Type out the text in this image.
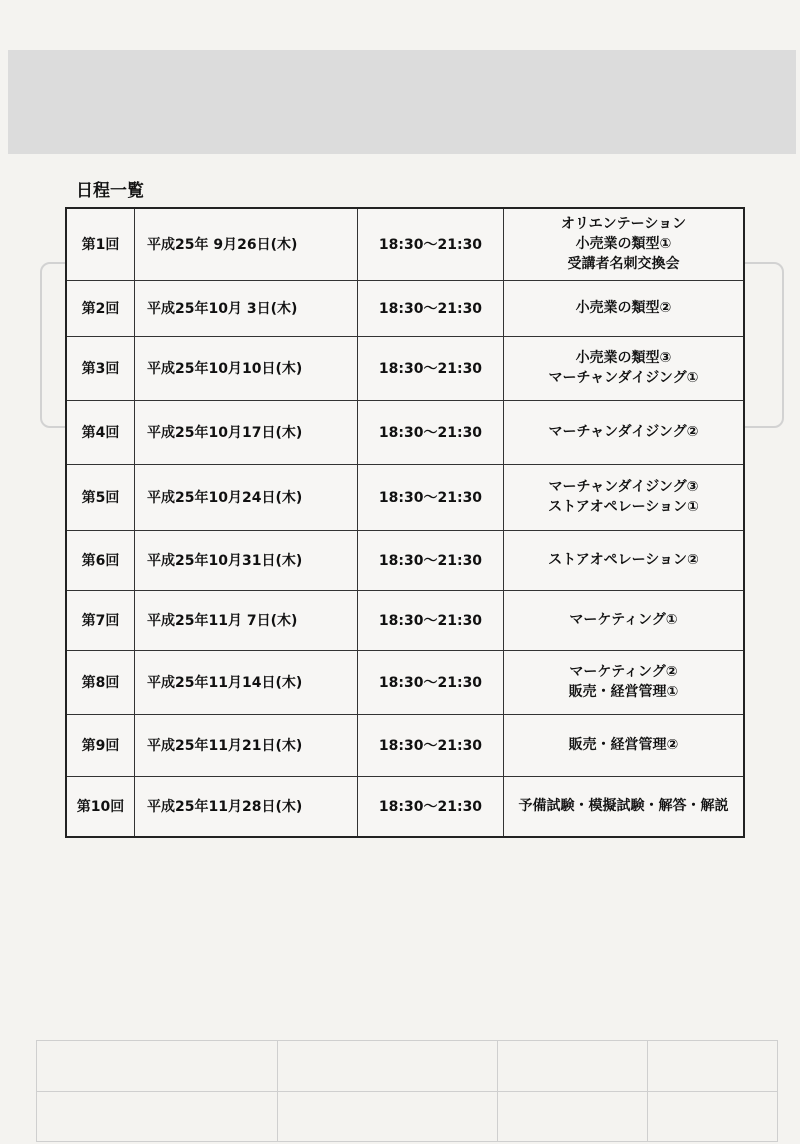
日程一覧
第1回	平成25年 9月26日(木)	18:30～21:30	オリエンテーション
小売業の類型①
受講者名刺交換会

第2回	平成25年10月 3日(木)	18:30～21:30	小売業の類型②

第3回	平成25年10月10日(木)	18:30～21:30	小売業の類型③
マーチャンダイジング①

第4回	平成25年10月17日(木)	18:30～21:30	マーチャンダイジング②

第5回	平成25年10月24日(木)	18:30～21:30	マーチャンダイジング③
ストアオペレーション①

第6回	平成25年10月31日(木)	18:30～21:30	ストアオペレーション②

第7回	平成25年11月 7日(木)	18:30～21:30	マーケティング①

第8回	平成25年11月14日(木)	18:30～21:30	マーケティング②
販売・経営管理①

第9回	平成25年11月21日(木)	18:30～21:30	販売・経営管理②

第10回	平成25年11月28日(木)	18:30～21:30	予備試験・模擬試験・解答・解説
